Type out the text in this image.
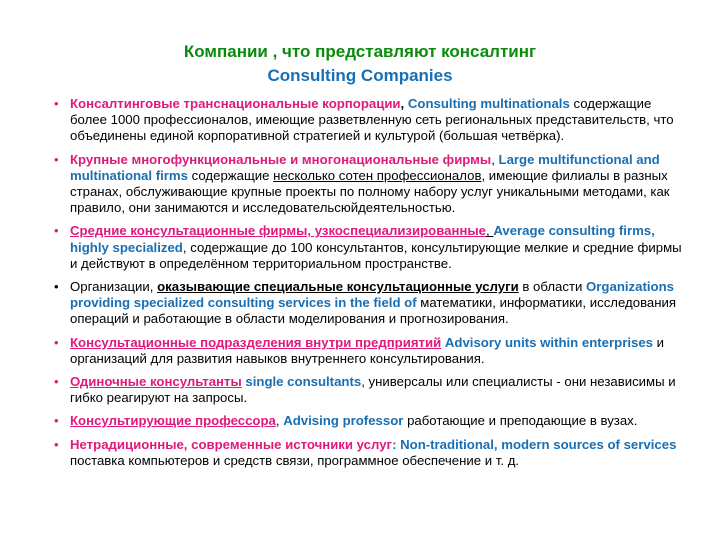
Компании , что представляют консалтинг
Consulting Companies
• Консалтинговые транснациональные корпорации, Consulting multinationals содержащие более 1000 профессионалов, имеющие разветвленную сеть региональных представительств, что объединены единой корпоративной стратегией и культурой (большая четвёрка).
• Крупные многофункциональные и многонациональные фирмы, Large multifunctional and multinational firms содержащие несколько сотен профессионалов, имеющие филиалы в разных странах, обслуживающие крупные проекты по полному набору услуг уникальными методами, как правило, они занимаются и исследовательсюйдеятельностью.
• Средние консультационные фирмы, узкоспециализированные, Average consulting firms, highly specialized, содержащие до 100 консультантов, консультирующие мелкие и средние фирмы и действуют в определённом территориальном пространстве.
• Организации, оказывающие специальные консультационные услуги в области Organizations providing specialized consulting services in the field of математики, информатики, исследования операций и работающие в области моделирования и прогнозирования.
• Консультационные подразделения внутри предприятий Advisory units within enterprises и организаций для развития навыков внутреннего консультирования.
• Одиночные консультанты single consultants, универсалы или специалисты - они независимы и гибко реагируют на запросы.
• Консультирующие профессора, Advising professor работающие и преподающие в вузах.
• Нетрадиционные, современные источники услуг: Non-traditional, modern sources of services поставка компьютеров и средств связи, программное обеспечение и т. д.
